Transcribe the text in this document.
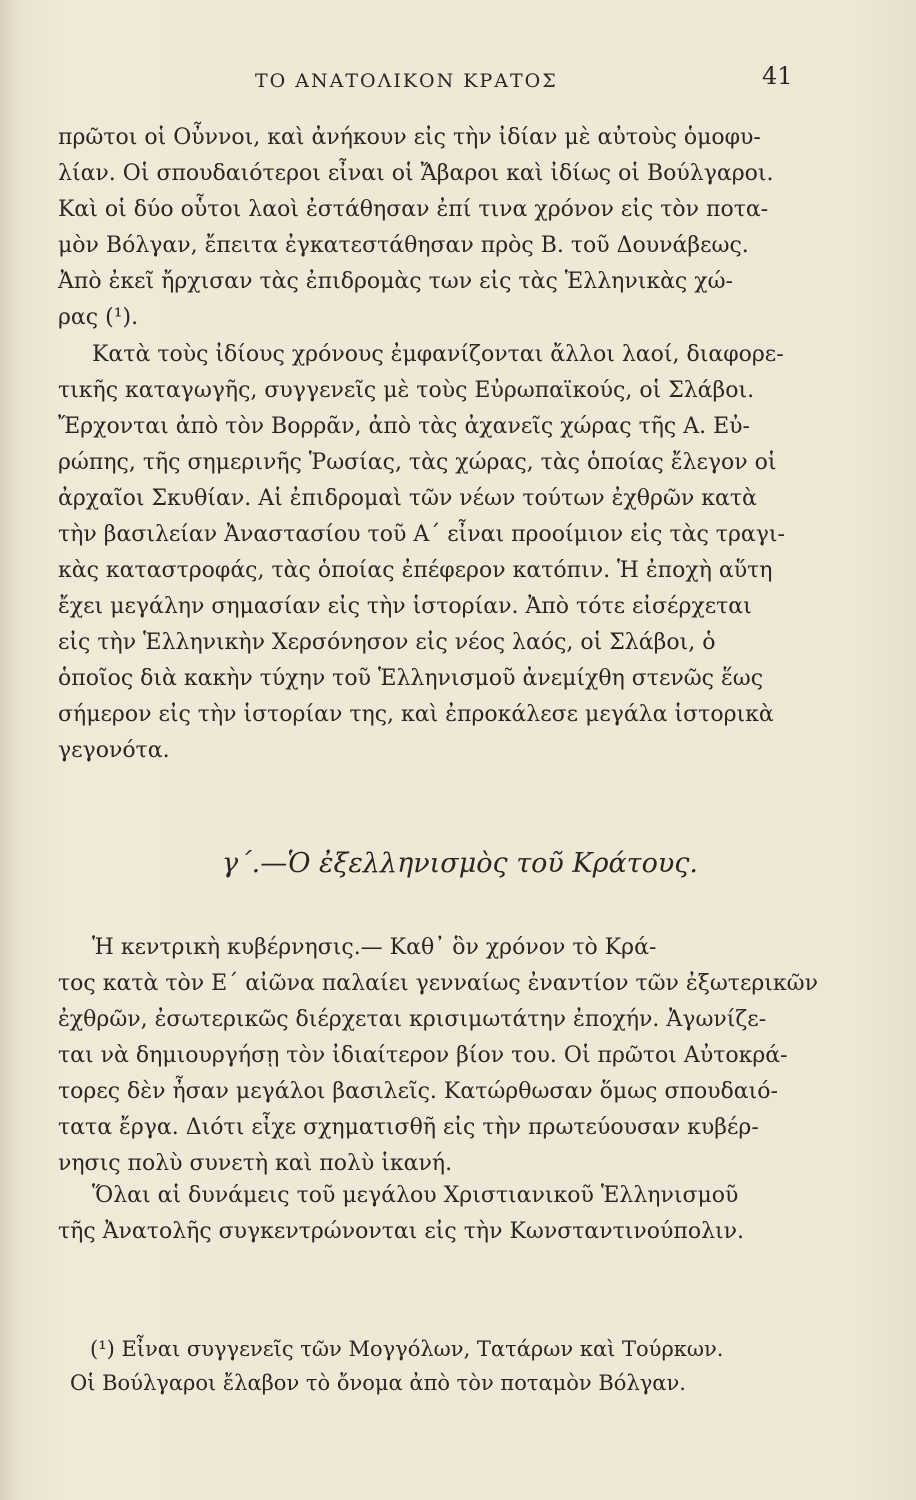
ΤΟ ΑΝΑΤΟΛΙΚΟΝ ΚΡΑΤΟΣ	41
πρῶτοι οἱ Οὖννοι, καὶ ἀνήκουν εἰς τὴν ἰδίαν μὲ αὐτοὺς ὁμοφυ-
λίαν. Οἱ σπουδαιότεροι εἶναι οἱ Ἄβαροι καὶ ἰδίως οἱ Βούλγαροι.
Καὶ οἱ δύο οὗτοι λαοὶ ἐστάθησαν ἐπί τινα χρόνον εἰς τὸν ποτα-
μὸν Βόλγαν, ἔπειτα ἐγκατεστάθησαν πρὸς Β. τοῦ Δουνάβεως.
Ἀπὸ ἐκεῖ ἤρχισαν τὰς ἐπιδρομὰς των εἰς τὰς Ἑλληνικὰς χώ-
ρας (¹).
Κατὰ τοὺς ἰδίους χρόνους ἐμφανίζονται ἄλλοι λαοί, διαφορε-
τικῆς καταγωγῆς, συγγενεῖς μὲ τοὺς Εὐρωπαϊκούς, οἱ Σλάβοι.
Ἔρχονται ἀπὸ τὸν Βορρᾶν, ἀπὸ τὰς ἀχανεῖς χώρας τῆς Α. Εὐ-
ρώπης, τῆς σημερινῆς Ῥωσίας, τὰς χώρας, τὰς ὁποίας ἔλεγον οἱ
ἀρχαῖοι Σκυθίαν. Αἱ ἐπιδρομαὶ τῶν νέων τούτων ἐχθρῶν κατὰ
τὴν βασιλείαν Ἀναστασίου τοῦ Α΄ εἶναι προοίμιον εἰς τὰς τραγι-
κὰς καταστροφάς, τὰς ὁποίας ἐπέφερον κατόπιν. Ἡ ἐποχὴ αὕτη
ἔχει μεγάλην σημασίαν εἰς τὴν ἱστορίαν. Ἀπὸ τότε εἰσέρχεται
εἰς τὴν Ἑλληνικὴν Χερσόνησον εἰς νέος λαός, οἱ Σλάβοι, ὁ
ὁποῖος διὰ κακὴν τύχην τοῦ Ἑλληνισμοῦ ἀνεμίχθη στενῶς ἕως
σήμερον εἰς τὴν ἱστορίαν της, καὶ ἐπροκάλεσε μεγάλα ἱστορικὰ
γεγονότα.
γ΄.—Ὁ ἐξελληνισμὸς τοῦ Κράτους.
Ἡ κεντρικὴ κυβέρνησις.— Καθ᾽ ὃν χρόνον τὸ Κρά-
τος κατὰ τὸν Ε΄ αἰῶνα παλαίει γενναίως ἐναντίον τῶν ἐξωτερικῶν
ἐχθρῶν, ἐσωτερικῶς διέρχεται κρισιμωτάτην ἐποχήν. Ἀγωνίζε-
ται νὰ δημιουργήσῃ τὸν ἰδιαίτερον βίον του. Οἱ πρῶτοι Αὐτοκρά-
τορες δὲν ἦσαν μεγάλοι βασιλεῖς. Κατώρθωσαν ὅμως σπουδαιό-
τατα ἔργα. Διότι εἶχε σχηματισθῆ εἰς τὴν πρωτεύουσαν κυβέρ-
νησις πολὺ συνετὴ καὶ πολὺ ἱκανή.
Ὅλαι αἱ δυνάμεις τοῦ μεγάλου Χριστιανικοῦ Ἑλληνισμοῦ
τῆς Ἀνατολῆς συγκεντρώνονται εἰς τὴν Κωνσταντινούπολιν.
(¹) Εἶναι συγγενεῖς τῶν Μογγόλων, Τατάρων καὶ Τούρκων.
Οἱ Βούλγαροι ἔλαβον τὸ ὄνομα ἀπὸ τὸν ποταμὸν Βόλγαν.
